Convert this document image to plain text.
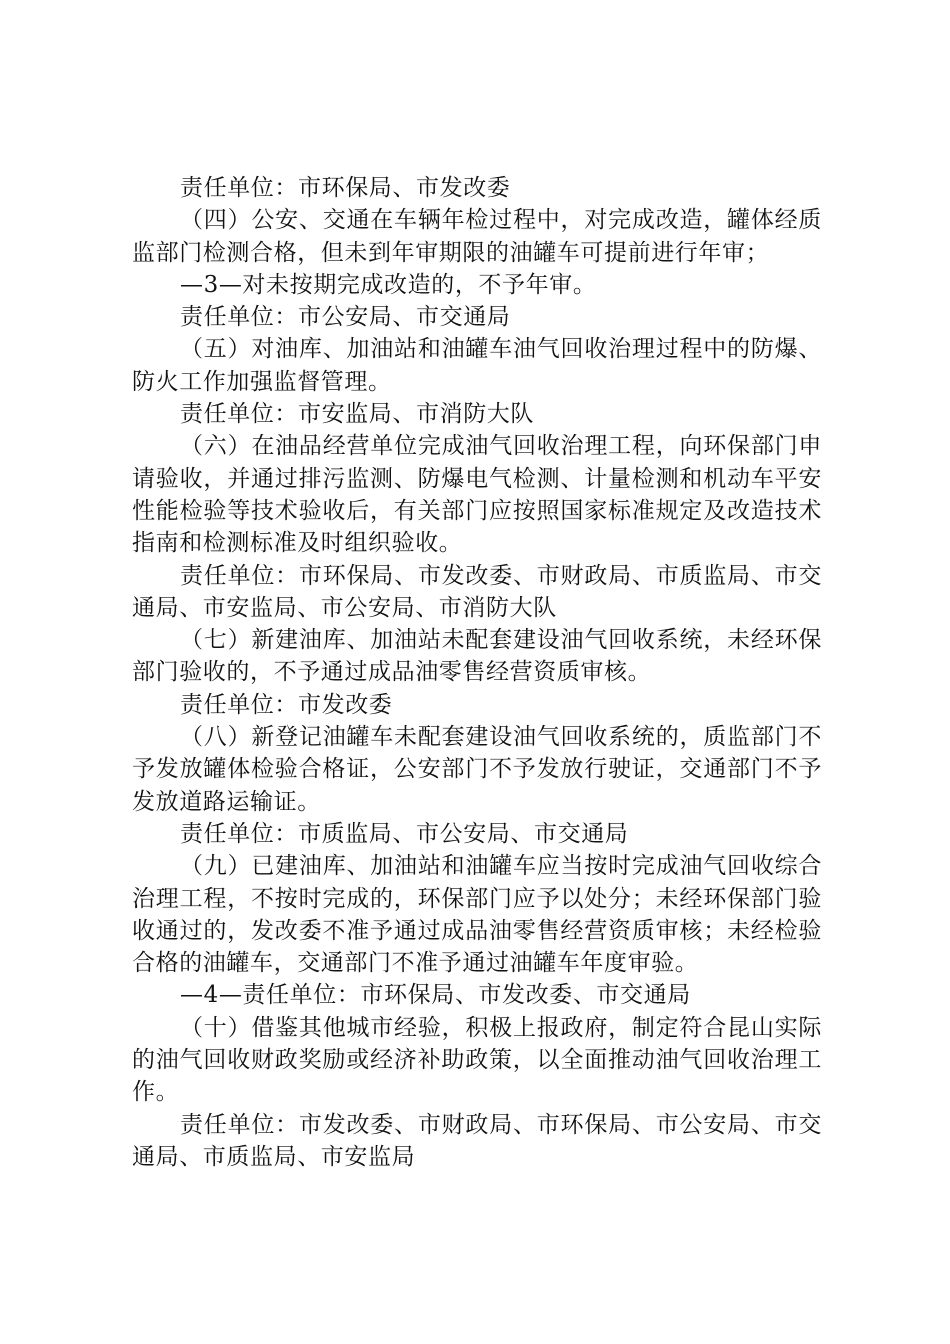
责任单位：市环保局、市发改委

（四）公安、交通在车辆年检过程中，对完成改造，罐体经质监部门检测合格，但未到年审期限的油罐车可提前进行年审；

—3—对未按期完成改造的，不予年审。

责任单位：市公安局、市交通局

（五）对油库、加油站和油罐车油气回收治理过程中的防爆、防火工作加强监督管理。

责任单位：市安监局、市消防大队

（六）在油品经营单位完成油气回收治理工程，向环保部门申请验收，并通过排污监测、防爆电气检测、计量检测和机动车平安性能检验等技术验收后，有关部门应按照国家标准规定及改造技术指南和检测标准及时组织验收。

责任单位：市环保局、市发改委、市财政局、市质监局、市交通局、市安监局、市公安局、市消防大队

（七）新建油库、加油站未配套建设油气回收系统，未经环保部门验收的，不予通过成品油零售经营资质审核。

责任单位：市发改委

（八）新登记油罐车未配套建设油气回收系统的，质监部门不予发放罐体检验合格证，公安部门不予发放行驶证，交通部门不予发放道路运输证。

责任单位：市质监局、市公安局、市交通局

（九）已建油库、加油站和油罐车应当按时完成油气回收综合治理工程，不按时完成的，环保部门应予以处分；未经环保部门验收通过的，发改委不准予通过成品油零售经营资质审核；未经检验合格的油罐车，交通部门不准予通过油罐车年度审验。

—4—责任单位：市环保局、市发改委、市交通局

（十）借鉴其他城市经验，积极上报政府，制定符合昆山实际的油气回收财政奖励或经济补助政策，以全面推动油气回收治理工作。

责任单位：市发改委、市财政局、市环保局、市公安局、市交通局、市质监局、市安监局
